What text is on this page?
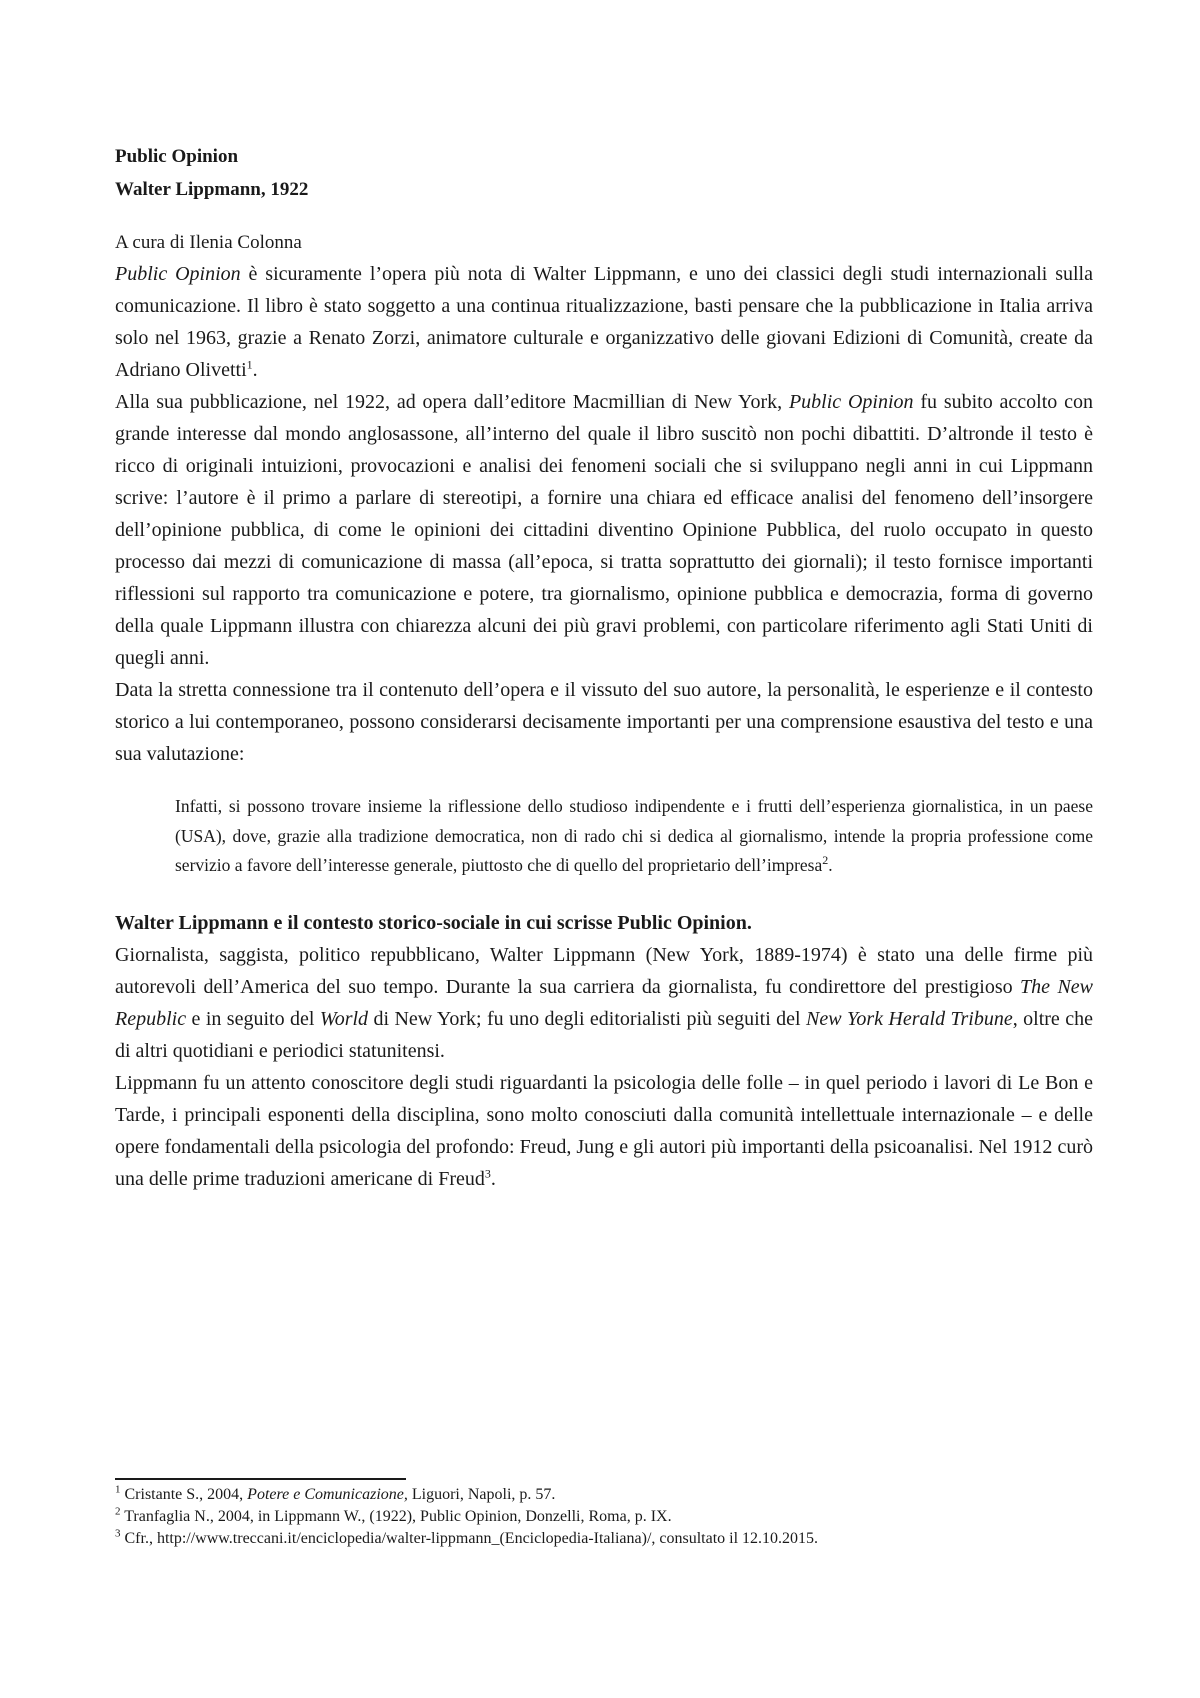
Public Opinion
Walter Lippmann, 1922
A cura di Ilenia Colonna

Public Opinion è sicuramente l’opera più nota di Walter Lippmann, e uno dei classici degli studi internazionali sulla comunicazione. Il libro è stato soggetto a una continua ritualizzazione, basti pensare che la pubblicazione in Italia arriva solo nel 1963, grazie a Renato Zorzi, animatore culturale e organizzativo delle giovani Edizioni di Comunità, create da Adriano Olivetti$^1$.

Alla sua pubblicazione, nel 1922, ad opera dall’editore Macmillian di New York, Public Opinion fu subito accolto con grande interesse dal mondo anglosassone, all’interno del quale il libro suscitò non pochi dibattiti. D’altronde il testo è ricco di originali intuizioni, provocazioni e analisi dei fenomeni sociali che si sviluppano negli anni in cui Lippmann scrive: l’autore è il primo a parlare di stereotipi, a fornire una chiara ed efficace analisi del fenomeno dell’insorgere dell’opinione pubblica, di come le opinioni dei cittadini diventino Opinione Pubblica, del ruolo occupato in questo processo dai mezzi di comunicazione di massa (all’epoca, si tratta soprattutto dei giornali); il testo fornisce importanti riflessioni sul rapporto tra comunicazione e potere, tra giornalismo, opinione pubblica e democrazia, forma di governo della quale Lippmann illustra con chiarezza alcuni dei più gravi problemi, con particolare riferimento agli Stati Uniti di quegli anni.

Data la stretta connessione tra il contenuto dell’opera e il vissuto del suo autore, la personalità, le esperienze e il contesto storico a lui contemporaneo, possono considerarsi decisamente importanti per una comprensione esaustiva del testo e una sua valutazione:

Infatti, si possono trovare insieme la riflessione dello studioso indipendente e i frutti dell’esperienza giornalistica, in un paese (USA), dove, grazie alla tradizione democratica, non di rado chi si dedica al giornalismo, intende la propria professione come servizio a favore dell’interesse generale, piuttosto che di quello del proprietario dell’impresa$^2$.
Walter Lippmann e il contesto storico-sociale in cui scrisse Public Opinion.

Giornalista, saggista, politico repubblicano, Walter Lippmann (New York, 1889-1974) è stato una delle firme più autorevoli dell’America del suo tempo. Durante la sua carriera da giornalista, fu condirettore del prestigioso The New Republic e in seguito del World di New York; fu uno degli editorialisti più seguiti del New York Herald Tribune, oltre che di altri quotidiani e periodici statunitensi.

Lippmann fu un attento conoscitore degli studi riguardanti la psicologia delle folle – in quel periodo i lavori di Le Bon e Tarde, i principali esponenti della disciplina, sono molto conosciuti dalla comunità intellettuale internazionale – e delle opere fondamentali della psicologia del profondo: Freud, Jung e gli autori più importanti della psicoanalisi. Nel 1912 curò una delle prime traduzioni americane di Freud$^3$.

$^1$ Cristante S., 2004, Potere e Comunicazione, Liguori, Napoli, p. 57.
$^2$ Tranfaglia N., 2004, in Lippmann W., (1922), Public Opinion, Donzelli, Roma, p. IX.
$^3$ Cfr., http://www.treccani.it/enciclopedia/walter-lippmann_(Enciclopedia-Italiana)/, consultato il 12.10.2015.
